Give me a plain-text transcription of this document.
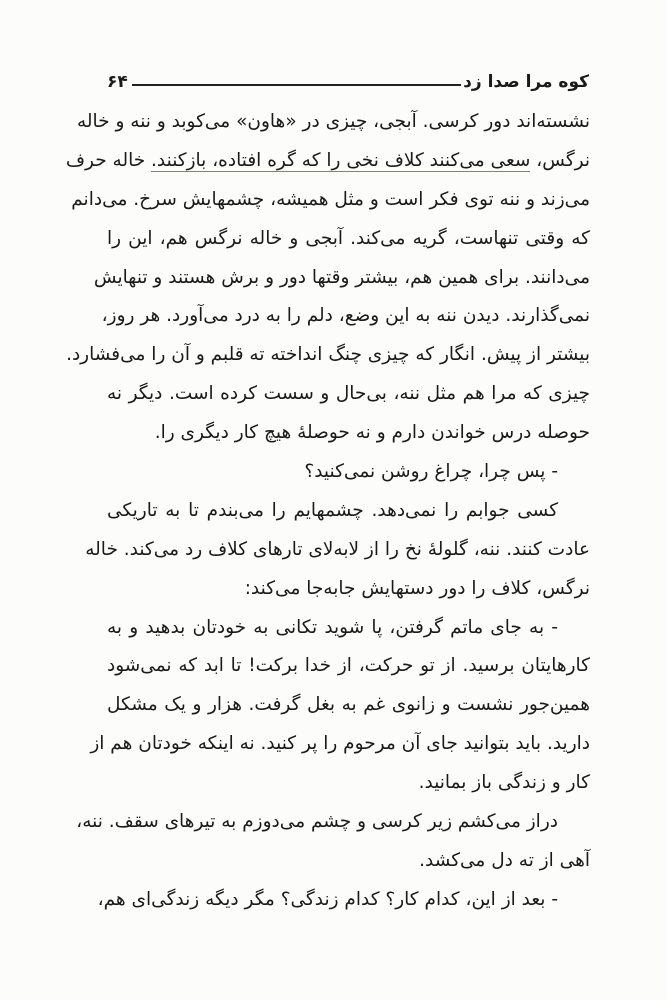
کوه مرا صدا زد
۶۴
نشسته‌اند دور کرسی. آبجی، چیزی در «هاون» می‌کوبد و ننه و خاله
نرگس، سعی می‌کنند کلاف نخی را که گره افتاده، بازکنند. خاله حرف
می‌زند و ننه توی فکر است و مثل همیشه، چشمهایش سرخ. می‌دانم
که وقتی تنهاست، گریه می‌کند. آبجی و خاله نرگس هم، این را
می‌دانند. برای همین هم، بیشتر وقتها دور و برش هستند و تنهایش
نمی‌گذارند. دیدن ننه به این وضع، دلم را به درد می‌آورد. هر روز،
بیشتر از پیش. انگار که چیزی چنگ انداخته ته قلبم و آن را می‌فشارد.
چیزی که مرا هم مثل ننه، بی‌حال و سست کرده است. دیگر نه
حوصله درس خواندن دارم و نه حوصلهٔ هیچ کار دیگری را.
- پس چرا، چراغ روشن نمی‌کنید؟
کسی جوابم را نمی‌دهد. چشمهایم را می‌بندم تا به تاریکی
عادت کنند. ننه، گلولهٔ نخ را از لابه‌لای تارهای کلاف رد می‌کند. خاله
نرگس، کلاف را دور دستهایش جابه‌جا می‌کند:
- به جای ماتم گرفتن، پا شوید تکانی به خودتان بدهید و به
کارهایتان برسید. از تو حرکت، از خدا برکت! تا ابد که نمی‌شود
همین‌جور نشست و زانوی غم به بغل گرفت. هزار و یک مشکل
دارید. باید بتوانید جای آن مرحوم را پر کنید. نه اینکه خودتان هم از
کار و زندگی باز بمانید.
دراز می‌کشم زیر کرسی و چشم می‌دوزم به تیرهای سقف. ننه،
آهی از ته دل می‌کشد.
- بعد از این، کدام کار؟ کدام زندگی؟ مگر دیگه زندگی‌ای هم،
